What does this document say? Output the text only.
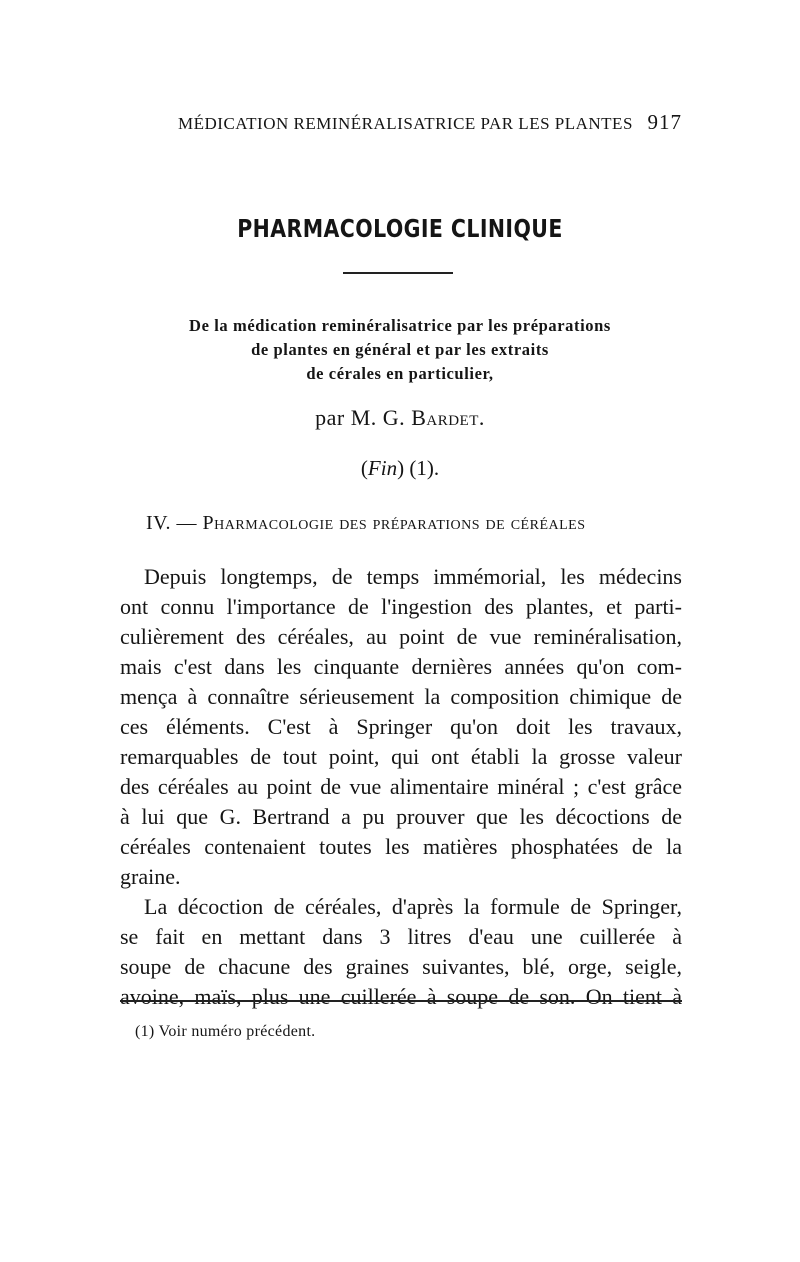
MÉDICATION REMINÉRALISATRICE PAR LES PLANTES 917
PHARMACOLOGIE CLINIQUE
De la médication reminéralisatrice par les préparations
de plantes en général et par les extraits
de cérales en particulier,
par M. G. Bardet.
(Fin) (1).
IV. — Pharmacologie des préparations de céréales
Depuis longtemps, de temps immémorial, les médecins
ont connu l'importance de l'ingestion des plantes, et parti-
culièrement des céréales, au point de vue reminéralisation,
mais c'est dans les cinquante dernières années qu'on com-
mença à connaître sérieusement la composition chimique de
ces éléments. C'est à Springer qu'on doit les travaux,
remarquables de tout point, qui ont établi la grosse valeur
des céréales au point de vue alimentaire minéral ; c'est grâce
à lui que G. Bertrand a pu prouver que les décoctions de
céréales contenaient toutes les matières phosphatées de la
graine.
La décoction de céréales, d'après la formule de Springer,
se fait en mettant dans 3 litres d'eau une cuillerée à
soupe de chacune des graines suivantes, blé, orge, seigle,
avoine, maïs, plus une cuillerée à soupe de son. On tient à
(1) Voir numéro précédent.
